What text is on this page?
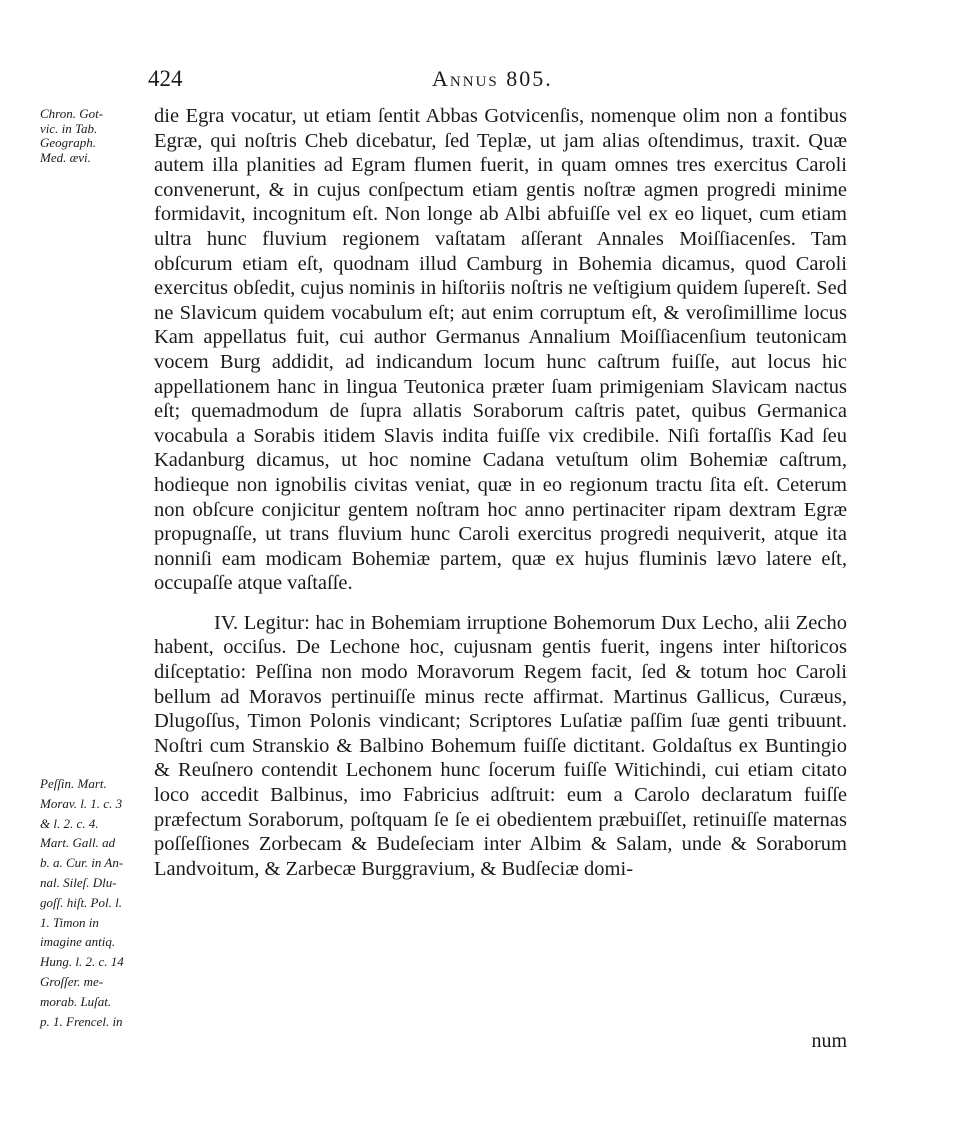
424	Annus 805.
Chron. Got-
vic. in Tab.
Geograph.
Med. ævi.
Peſſin. Mart.
Morav. l. 1. c. 3
& l. 2. c. 4.
Mart. Gall. ad
b. a. Cur. in An-
nal. Sileſ. Dlu-
goſſ. hiſt. Pol. l.
1. Timon in
imagine antiq.
Hung. l. 2. c. 14
Groſſer. me-
morab. Luſat.
p. 1. Frencel. in

die Egra vocatur, ut etiam ſentit Abbas Gotvicenſis, nomenque olim non a fontibus Egræ, qui noſtris Cheb dicebatur, ſed Teplæ, ut jam alias oſtendimus, traxit. Quæ autem illa planities ad Egram flumen fuerit, in quam omnes tres exercitus Caroli convenerunt, & in cujus conſpectum etiam gentis noſtræ agmen progredi minime formidavit, incognitum eſt. Non longe ab Albi abfuiſſe vel ex eo liquet, cum etiam ultra hunc fluvium regionem vaſtatam aſſerant Annales Moiſſiacenſes. Tam obſcurum etiam eſt, quodnam illud Camburg in Bohemia dicamus, quod Caroli exercitus obſedit, cujus nominis in hiſtoriis noſtris ne veſtigium quidem ſupereſt. Sed ne Slavicum quidem vocabulum eſt; aut enim corruptum eſt, & veroſimillime locus Kam appellatus fuit, cui author Germanus Annalium Moiſſiacenſium teutonicam vocem Burg addidit, ad indicandum locum hunc caſtrum fuiſſe, aut locus hic appellationem hanc in lingua Teutonica præter ſuam primigeniam Slavicam nactus eſt; quemadmodum de ſupra allatis Soraborum caſtris patet, quibus Germanica vocabula a Sorabis itidem Slavis indita fuiſſe vix credibile. Niſi fortaſſis Kad ſeu Kadanburg dicamus, ut hoc nomine Cadana vetuſtum olim Bohemiæ caſtrum, hodieque non ignobilis civitas veniat, quæ in eo regionum tractu ſita eſt. Ceterum non obſcure conjicitur gentem noſtram hoc anno pertinaciter ripam dextram Egræ propugnaſſe, ut trans fluvium hunc Caroli exercitus progredi nequiverit, atque ita nonniſi eam modicam Bohemiæ partem, quæ ex hujus fluminis lævo latere eſt, occupaſſe atque vaſtaſſe.

IV. Legitur: hac in Bohemiam irruptione Bohemorum Dux Lecho, alii Zecho habent, occiſus. De Lechone hoc, cujusnam gentis fuerit, ingens inter hiſtoricos diſceptatio: Peſſina non modo Moravorum Regem facit, ſed & totum hoc Caroli bellum ad Moravos pertinuiſſe minus recte affirmat. Martinus Gallicus, Curæus, Dlugoſſus, Timon Polonis vindicant; Scriptores Luſatiæ paſſim ſuæ genti tribuunt. Noſtri cum Stranskio & Balbino Bohemum fuiſſe dictitant. Goldaſtus ex Buntingio & Reuſnero contendit Lechonem hunc ſocerum fuiſſe Witichindi, cui etiam citato loco accedit Balbinus, imo Fabricius adſtruit: eum a Carolo declaratum fuiſſe præfectum Soraborum, poſtquam ſe ſe ei obedientem præbuiſſet, retinuiſſe maternas poſſeſſiones Zorbecam & Budeſeciam inter Albim & Salam, unde & Soraborum Landvoitum, & Zarbecæ Burggravium, & Budſeciæ domi-

num
